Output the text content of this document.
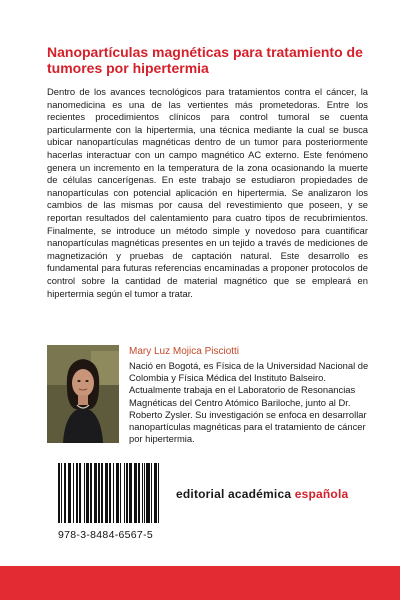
Nanopartículas magnéticas para tratamiento de tumores por hipertermia
Dentro de los avances tecnológicos para tratamientos contra el cáncer, la nanomedicina es una de las vertientes más prometedoras. Entre los recientes procedimientos clínicos para control tumoral se cuenta particularmente con la hipertermia, una técnica mediante la cual se busca ubicar nanopartículas magnéticas dentro de un tumor para posteriormente hacerlas interactuar con un campo magnético AC externo. Este fenómeno genera un incremento en la temperatura de la zona ocasionando la muerte de células cancerígenas. En este trabajo se estudiaron propiedades de nanopartículas con potencial aplicación en hipertermia. Se analizaron los cambios de las mismas por causa del revestimiento que poseen, y se reportan resultados del calentamiento para cuatro tipos de recubrimientos. Finalmente, se introduce un método simple y novedoso para cuantificar nanopartículas magnéticas presentes en un tejido a través de mediciones de magnetización y pruebas de captación natural. Este desarrollo es fundamental para futuras referencias encaminadas a proponer protocolos de control sobre la cantidad de material magnético que se empleará en hipertermia según el tumor a tratar.
Mary Luz Mojica Pisciotti
Nació en Bogotá, es Física de la Universidad Nacional de Colombia y Física Médica del Instituto Balseiro. Actualmente trabaja en el Laboratorio de Resonancias Magnéticas del Centro Atómico Bariloche, junto al Dr. Roberto Zysler. Su investigación se enfoca en desarrollar nanopartículas magnéticas para el tratamiento de cáncer por hipertermia.
978-3-8484-6567-5
editorial académica española
